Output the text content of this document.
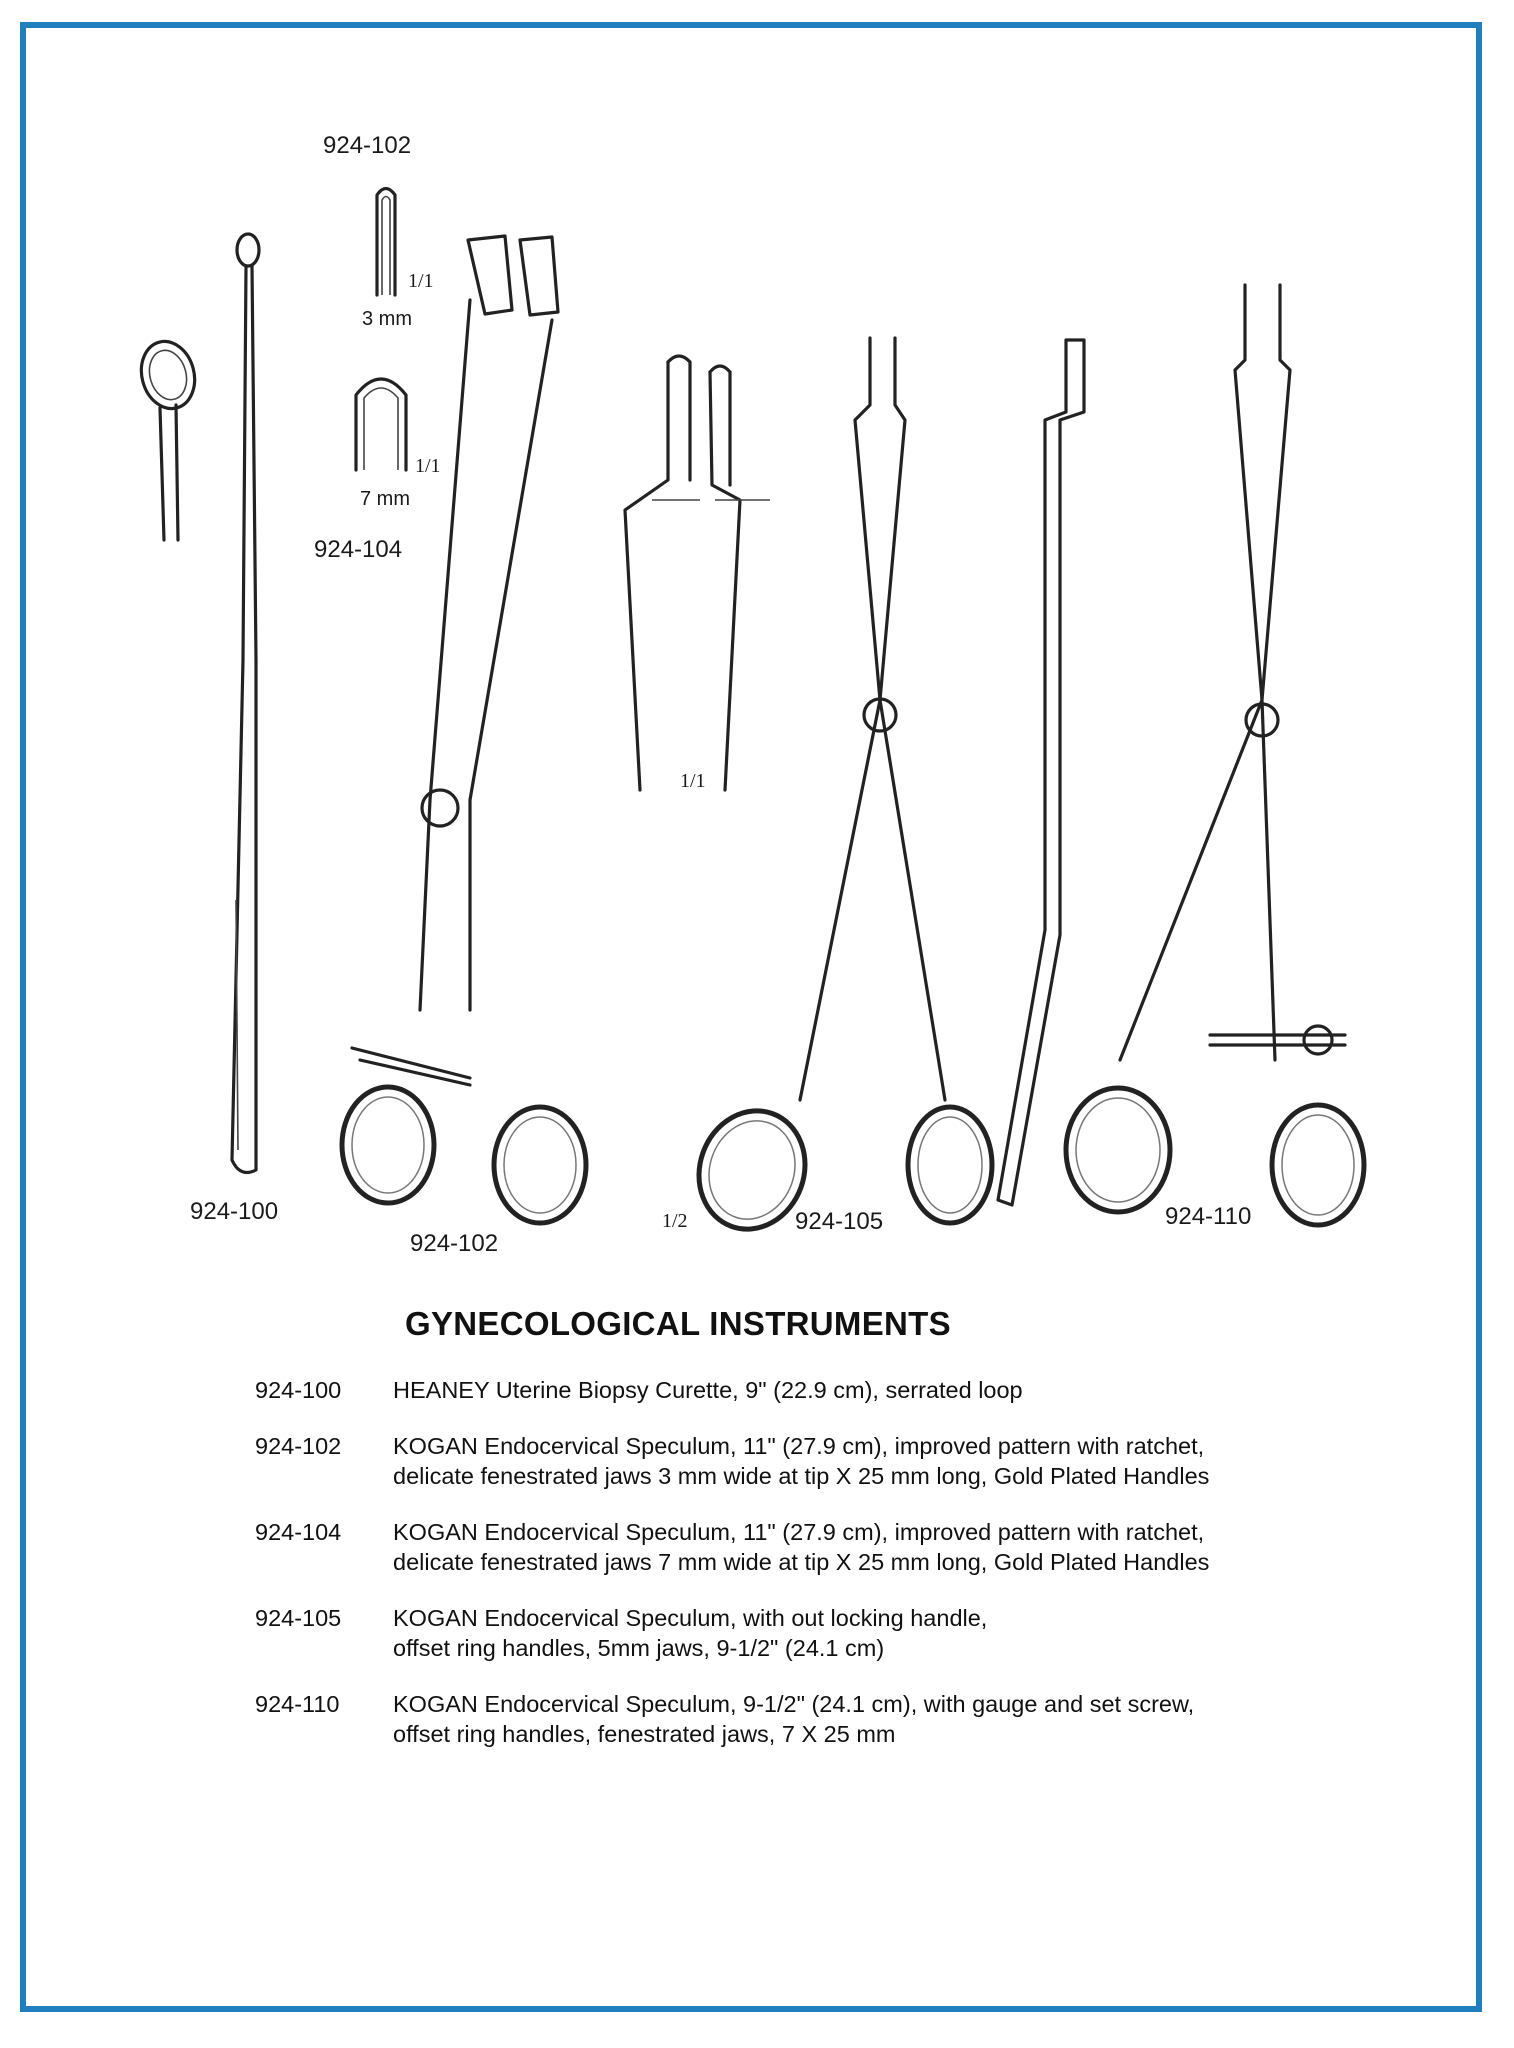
924-102
1/1
3 mm
1/1
7 mm
924-104
1/1
924-100
924-102
1/2	924-105	924-110
GYNECOLOGICAL INSTRUMENTS
924-100	HEANEY Uterine Biopsy Curette, 9" (22.9 cm), serrated loop
924-102	KOGAN Endocervical Speculum, 11" (27.9 cm), improved pattern with ratchet,
delicate fenestrated jaws 3 mm wide at tip X 25 mm long, Gold Plated Handles
924-104	KOGAN Endocervical Speculum, 11" (27.9 cm), improved pattern with ratchet,
delicate fenestrated jaws 7 mm wide at tip X 25 mm long, Gold Plated Handles
924-105	KOGAN Endocervical Speculum, with out locking handle,
offset ring handles, 5mm jaws, 9-1/2" (24.1 cm)
924-110	KOGAN Endocervical Speculum, 9-1/2" (24.1 cm), with gauge and set screw,
offset ring handles, fenestrated jaws, 7 X 25 mm
